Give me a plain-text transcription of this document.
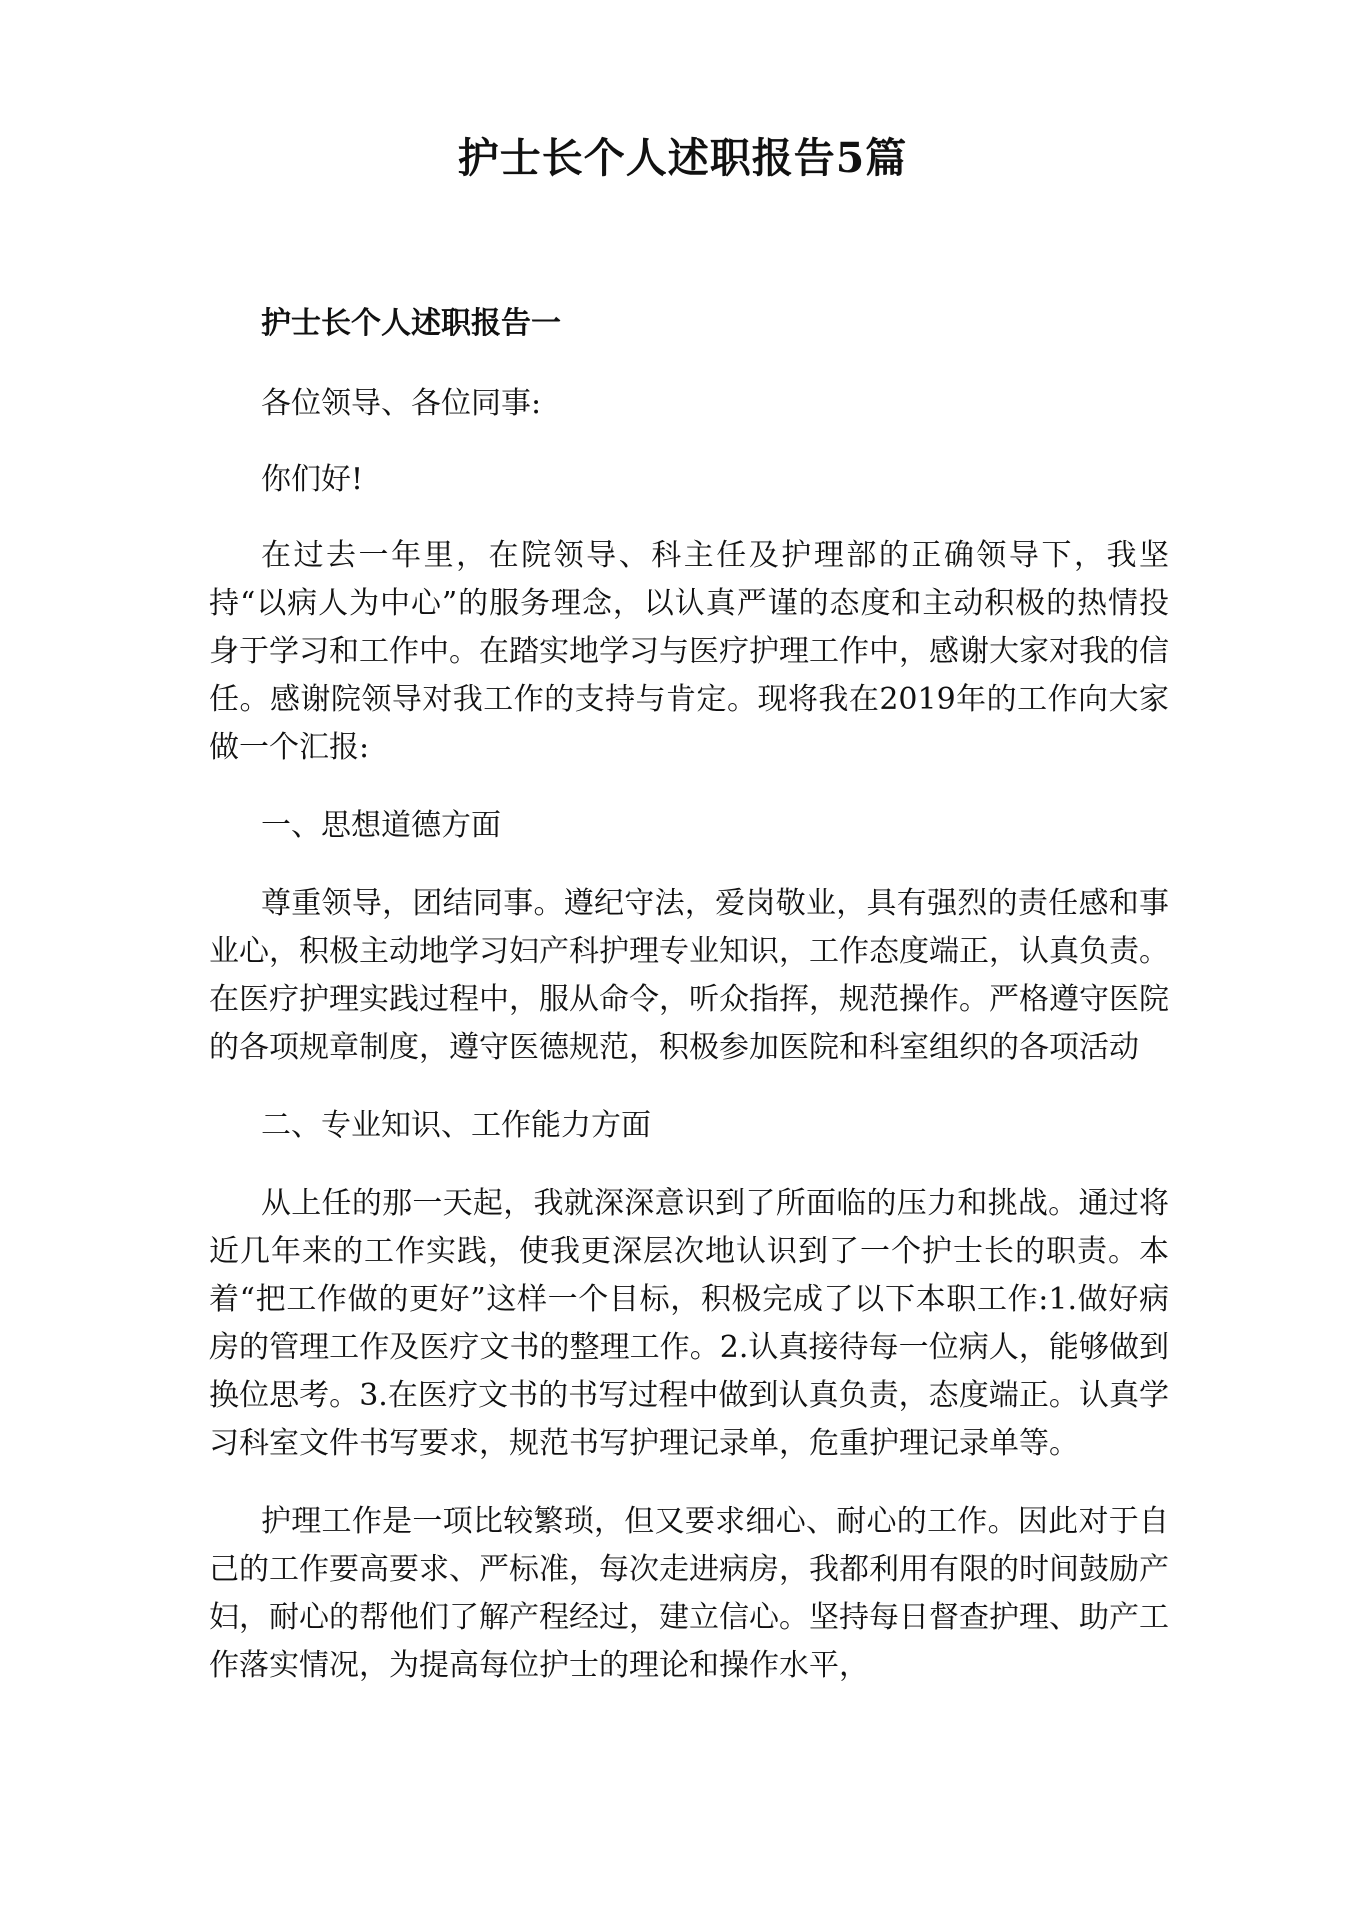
护士长个人述职报告5篇

护士长个人述职报告一

各位领导、各位同事:

你们好!

在过去一年里，在院领导、科主任及护理部的正确领导下，我坚持“以病人为中心”的服务理念，以认真严谨的态度和主动积极的热情投身于学习和工作中。在踏实地学习与医疗护理工作中，感谢大家对我的信任。感谢院领导对我工作的支持与肯定。现将我在2019年的工作向大家做一个汇报:

一、思想道德方面

尊重领导，团结同事。遵纪守法，爱岗敬业，具有强烈的责任感和事业心，积极主动地学习妇产科护理专业知识，工作态度端正，认真负责。在医疗护理实践过程中，服从命令，听众指挥，规范操作。严格遵守医院的各项规章制度，遵守医德规范，积极参加医院和科室组织的各项活动

二、专业知识、工作能力方面

从上任的那一天起，我就深深意识到了所面临的压力和挑战。通过将近几年来的工作实践，使我更深层次地认识到了一个护士长的职责。本着“把工作做的更好”这样一个目标，积极完成了以下本职工作:1.做好病房的管理工作及医疗文书的整理工作。2.认真接待每一位病人，能够做到换位思考。3.在医疗文书的书写过程中做到认真负责，态度端正。认真学习科室文件书写要求，规范书写护理记录单，危重护理记录单等。

护理工作是一项比较繁琐，但又要求细心、耐心的工作。因此对于自己的工作要高要求、严标准，每次走进病房，我都利用有限的时间鼓励产妇，耐心的帮他们了解产程经过，建立信心。坚持每日督查护理、助产工作落实情况，为提高每位护士的理论和操作水平，
